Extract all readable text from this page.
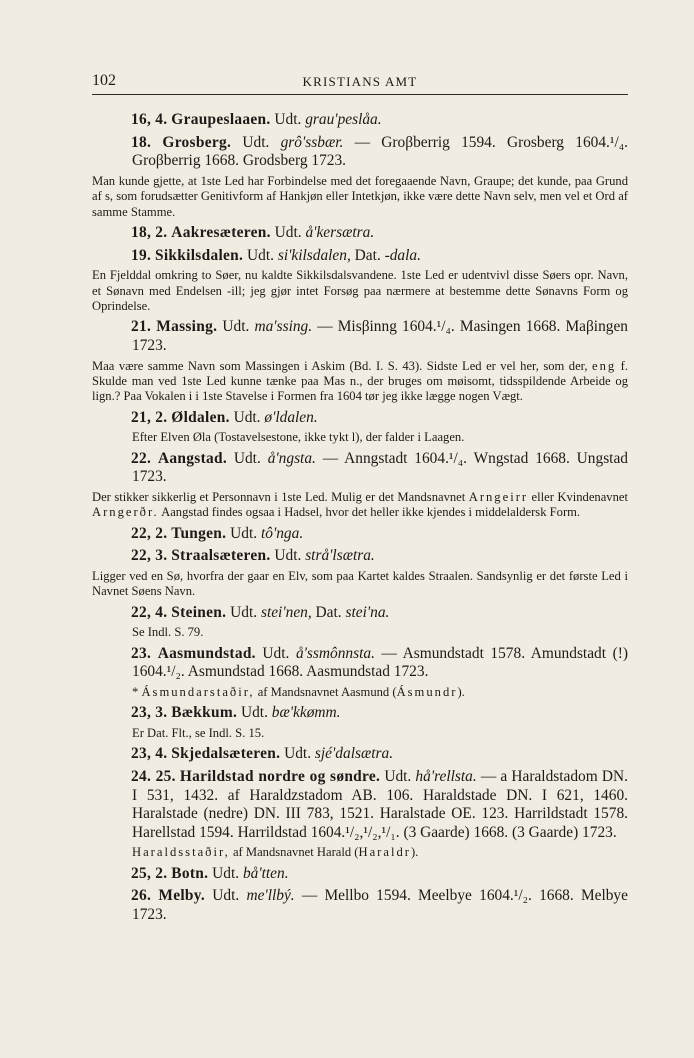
102	KRISTIANS AMT

16, 4. Graupeslaaen. Udt. grau'peslåa.

18. Grosberg. Udt. grô'ssbær. — Groβberrig 1594. Grosberg 1604.¹/₄. Groβberrig 1668. Grodsberg 1723.

Man kunde gjette, at 1ste Led har Forbindelse med det foregaaende Navn, Graupe; det kunde, paa Grund af s, som forudsætter Genitivform af Hankjøn eller Intetkjøn, ikke være dette Navn selv, men vel et Ord af samme Stamme.

18, 2. Aakresæteren. Udt. å'kersætra.

19. Sikkilsdalen. Udt. si'kilsdalen, Dat. -dala.

En Fjelddal omkring to Søer, nu kaldte Sikkilsdalsvandene. 1ste Led er udentvivl disse Søers opr. Navn, et Sønavn med Endelsen -ill; jeg gjør intet Forsøg paa nærmere at bestemme dette Sønavns Form og Oprindelse.

21. Massing. Udt. ma'ssing. — Misβinng 1604.¹/₄. Masingen 1668. Maβingen 1723.

Maa være samme Navn som Massingen i Askim (Bd. I. S. 43). Sidste Led er vel her, som der, eng f. Skulde man ved 1ste Led kunne tænke paa Mas n., der bruges om møisomt, tidsspildende Arbeide og lign.? Paa Vokalen i i 1ste Stavelse i Formen fra 1604 tør jeg ikke lægge nogen Vægt.

21, 2. Øldalen. Udt. ø'ldalen.

Efter Elven Øla (Tostavelsestone, ikke tykt l), der falder i Laagen.

22. Aangstad. Udt. å'ngsta. — Anngstadt 1604.¹/₄. Wngstad 1668. Ungstad 1723.

Der stikker sikkerlig et Personnavn i 1ste Led. Mulig er det Mandsnavnet Arngeirr eller Kvindenavnet Arngerðr. Aangstad findes ogsaa i Hadsel, hvor det heller ikke kjendes i middelaldersk Form.

22, 2. Tungen. Udt. tô'nga.

22, 3. Straalsæteren. Udt. strå'lsætra.

Ligger ved en Sø, hvorfra der gaar en Elv, som paa Kartet kaldes Straalen. Sandsynlig er det første Led i Navnet Søens Navn.

22, 4. Steinen. Udt. stei'nen, Dat. stei'na.

Se Indl. S. 79.

23. Aasmundstad. Udt. å'ssmônnsta. — Asmundstadt 1578. Amundstadt (!) 1604.¹/₂. Asmundstad 1668. Aasmundstad 1723.

* Ásmundarstaðir, af Mandsnavnet Aasmund (Ásmundr).

23, 3. Bækkum. Udt. bæ'kkømm.

Er Dat. Flt., se Indl. S. 15.

23, 4. Skjedalsæteren. Udt. sjé'dalsætra.

24. 25. Harildstad nordre og søndre. Udt. hå'rellsta. — a Haraldstadom DN. I 531, 1432. af Haraldzstadom AB. 106. Haraldstade DN. I 621, 1460. Haralstade (nedre) DN. III 783, 1521. Haralstade OE. 123. Harrildstadt 1578. Harellstad 1594. Harrildstad 1604.¹/₂,¹/₂,¹/₁. (3 Gaarde) 1668. (3 Gaarde) 1723.

Haraldsstaðir, af Mandsnavnet Harald (Haraldr).

25, 2. Botn. Udt. bå'tten.

26. Melby. Udt. me'llbý. — Mellbo 1594. Meelbye 1604.¹/₂. 1668. Melbye 1723.
